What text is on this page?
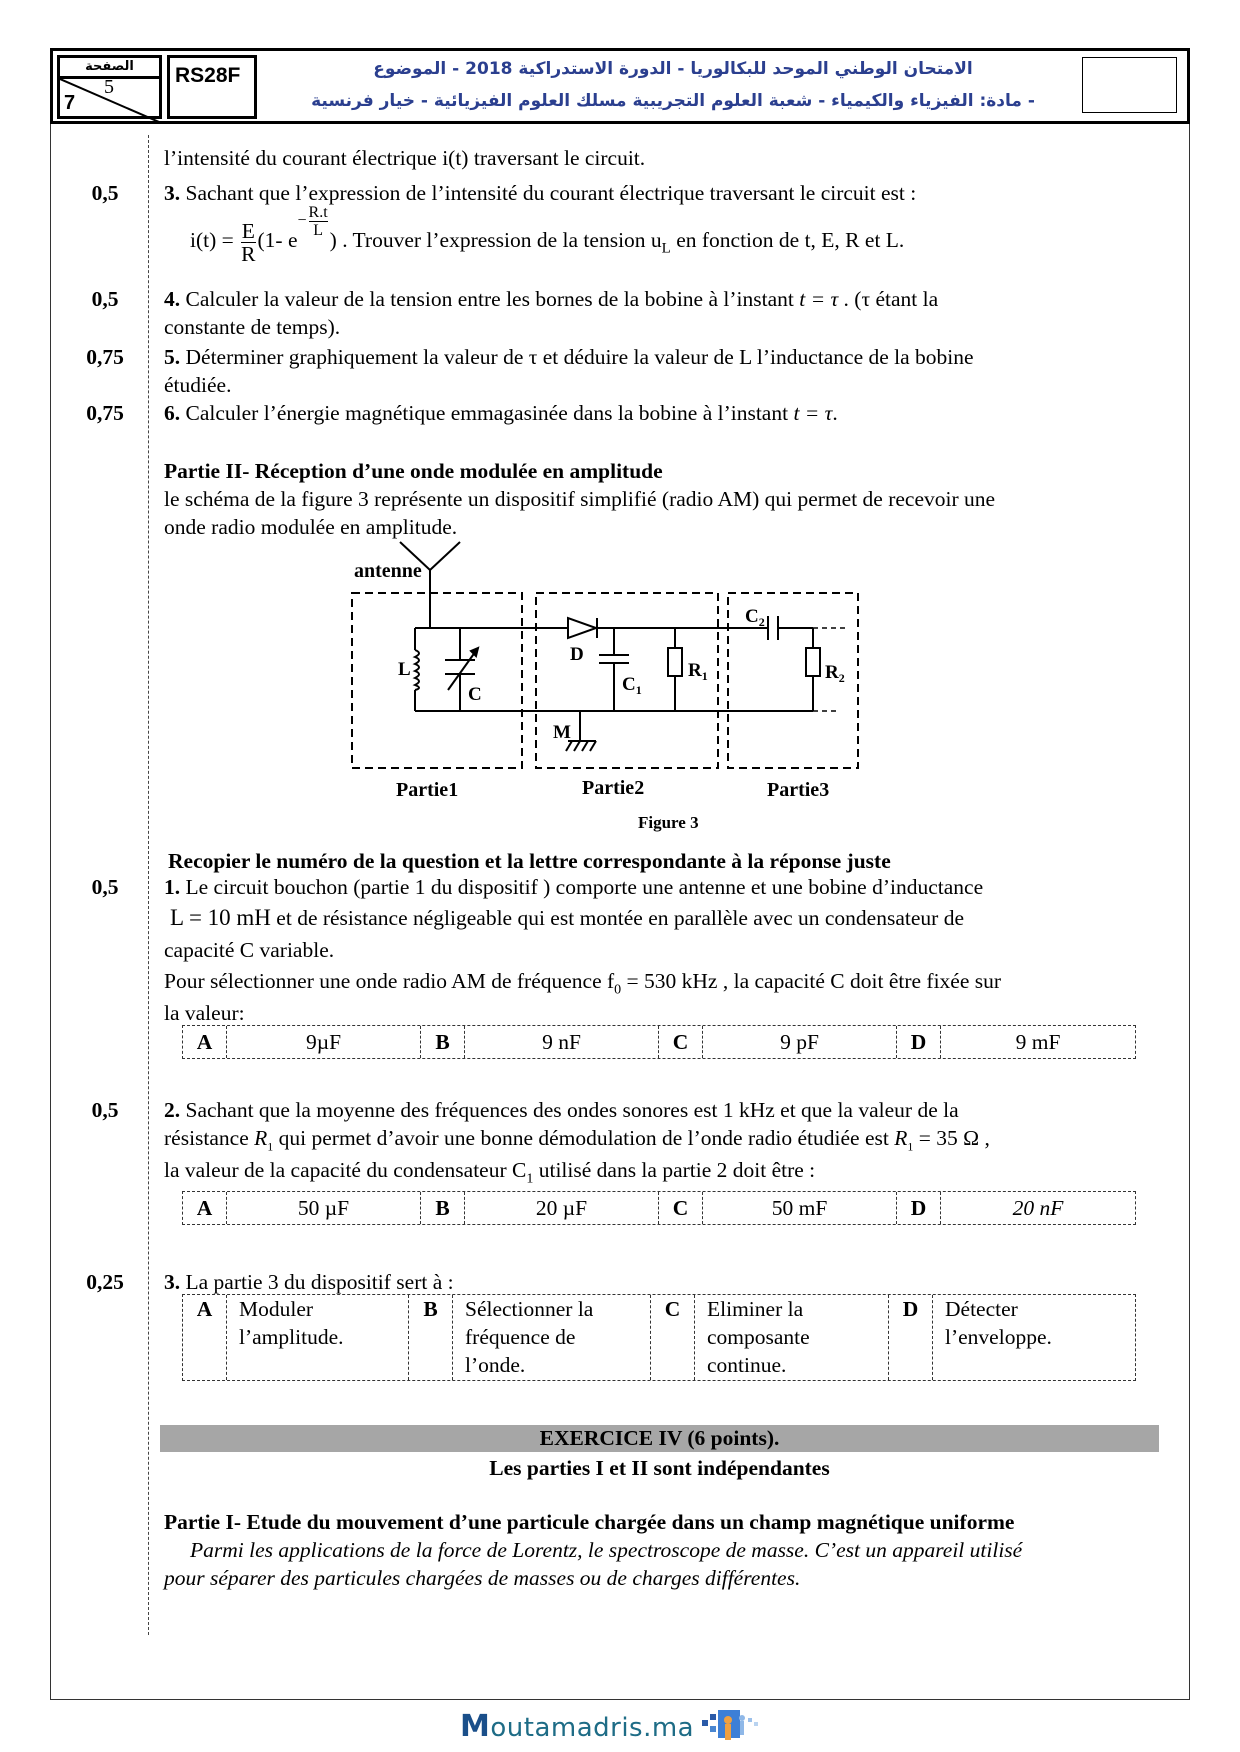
الصفحة
5
7
RS28F	الامتحان الوطني الموحد للبكالوريا - الدورة الاستدراكية 2018 - الموضوع
- مادة: الفيزياء والكيمياء - شعبة العلوم التجريبية مسلك العلوم الفيزيائية - خيار فرنسية
l’intensité du courant électrique i(t) traversant le circuit.
0,5	3. Sachant que l’expression de l’intensité du courant électrique traversant le circuit est :
$i(t) = \frac{E}{R} (1-$ $e^{- \frac{R.t}{L}}$
) . Trouver l’expression de la tension $u_L$ en fonction de t, E, R et L.
0,5	4. Calculer la valeur de la tension entre les bornes de la bobine à l’instant t = τ . (τ étant la
constante de temps).
0,75	5. Déterminer graphiquement la valeur de τ et déduire la valeur de L l’inductance de la bobine
étudiée.
0,75	6. Calculer l’énergie magnétique emmagasinée dans la bobine à l’instant t = τ.
Partie II- Réception d’une onde modulée en amplitude
le schéma de la figure 3 représente un dispositif simplifié (radio AM) qui permet de recevoir une
onde radio modulée en amplitude.
antenne
L
C
D
$C_1$
$R_1$
$C_2$
$R_2$
M
Partie1	Partie2	Partie3
Figure 3
Recopier le numéro de la question et la lettre correspondante à la réponse juste
0,5	1. Le circuit bouchon (partie 1 du dispositif ) comporte une antenne et une bobine d’inductance
L = 10 mH et de résistance négligeable qui est montée en parallèle avec un condensateur de
capacité C variable.
Pour sélectionner une onde radio AM de fréquence $f_0 = 530$ kHz , la capacité C doit être fixée sur
la valeur:
A	9µF	B	9 nF	C	9 pF	D	9 mF
0,5	2. Sachant que la moyenne des fréquences des ondes sonores est 1 kHz et que la valeur de la
résistance $R_1$ qui permet d’avoir une bonne démodulation de l’onde radio étudiée est $R_1 = 35$ Ω ,
la valeur de la capacité du condensateur $C_1$ utilisé dans la partie 2 doit être :
A	50 µF	B	20 µF	C	50 mF	D	20 nF
0,25	3. La partie 3 du dispositif sert à :
A	Moduler l’amplitude.
B	Sélectionner la fréquence de l’onde.
C	Eliminer la composante continue.
D	Détecter l’enveloppe.
EXERCICE IV (6 points).
Les parties I et II sont indépendantes
Partie I- Etude du mouvement d’une particule chargée dans un champ magnétique uniforme
Parmi les applications de la force de Lorentz, le spectroscope de masse. C’est un appareil utilisé
pour séparer des particules chargées de masses ou de charges différentes.
Moutamadris.ma
